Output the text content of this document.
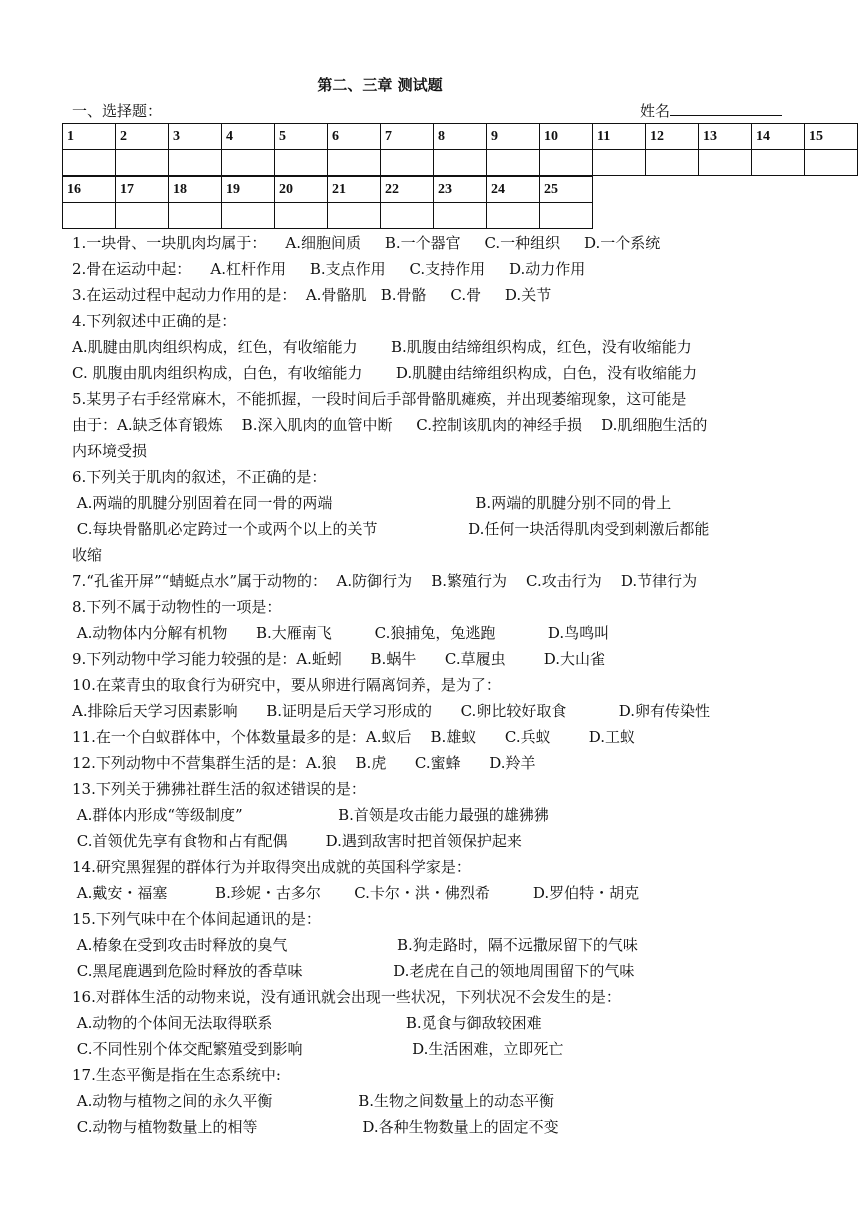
第二、三章 测试题
一、选择题：	姓名
1	2	3	4	5	6	7	8	9	10	11	12	13	14	15

16	17	18	19	20	21	22	23	24	25

1.一块骨、一块肌肉均属于：    A.细胞间质     B.一个器官     C.一种组织     D.一个系统
2.骨在运动中起：    A.杠杆作用     B.支点作用     C.支持作用     D.动力作用
3.在运动过程中起动力作用的是：  A.骨骼肌   B.骨骼     C.骨     D.关节
4.下列叙述中正确的是：
A.肌腱由肌肉组织构成，红色，有收缩能力       B.肌腹由结缔组织构成，红色，没有收缩能力
C. 肌腹由肌肉组织构成，白色，有收缩能力       D.肌腱由结缔组织构成，白色，没有收缩能力
5.某男子右手经常麻木，不能抓握，一段时间后手部骨骼肌瘫痪，并出现萎缩现象，这可能是
由于：A.缺乏体育锻炼    B.深入肌肉的血管中断     C.控制该肌肉的神经手损    D.肌细胞生活的
内环境受损
6.下列关于肌肉的叙述，不正确的是：
A.两端的肌腱分别固着在同一骨的两端                              B.两端的肌腱分别不同的骨上
C.每块骨骼肌必定跨过一个或两个以上的关节                   D.任何一块活得肌肉受到刺激后都能
收缩
7.“孔雀开屏”“蜻蜓点水”属于动物的：  A.防御行为    B.繁殖行为    C.攻击行为    D.节律行为
8.下列不属于动物性的一项是：
A.动物体内分解有机物      B.大雁南飞         C.狼捕兔，兔逃跑           D.鸟鸣叫
9.下列动物中学习能力较强的是：A.蚯蚓      B.蜗牛      C.草履虫        D.大山雀
10.在菜青虫的取食行为研究中，要从卵进行隔离饲养，是为了：
A.排除后天学习因素影响      B.证明是后天学习形成的      C.卵比较好取食           D.卵有传染性
11.在一个白蚁群体中，个体数量最多的是：A.蚁后    B.雄蚁      C.兵蚁        D.工蚁
12.下列动物中不营集群生活的是：A.狼    B.虎      C.蜜蜂      D.羚羊
13.下列关于狒狒社群生活的叙述错误的是：
A.群体内形成“等级制度”                    B.首领是攻击能力最强的雄狒狒
C.首领优先享有食物和占有配偶        D.遇到敌害时把首领保护起来
14.研究黑猩猩的群体行为并取得突出成就的英国科学家是：
A.戴安・福塞          B.珍妮・古多尔       C.卡尔・洪・佛烈希         D.罗伯特・胡克
15.下列气味中在个体间起通讯的是：
A.椿象在受到攻击时释放的臭气                       B.狗走路时，隔不远撒尿留下的气味
C.黑尾鹿遇到危险时释放的香草味                   D.老虎在自己的领地周围留下的气味
16.对群体生活的动物来说，没有通讯就会出现一些状况，下列状况不会发生的是：
A.动物的个体间无法取得联系                            B.觅食与御敌较困难
C.不同性别个体交配繁殖受到影响                       D.生活困难，立即死亡
17.生态平衡是指在生态系统中:
A.动物与植物之间的永久平衡                  B.生物之间数量上的动态平衡
C.动物与植物数量上的相等                      D.各种生物数量上的固定不变
